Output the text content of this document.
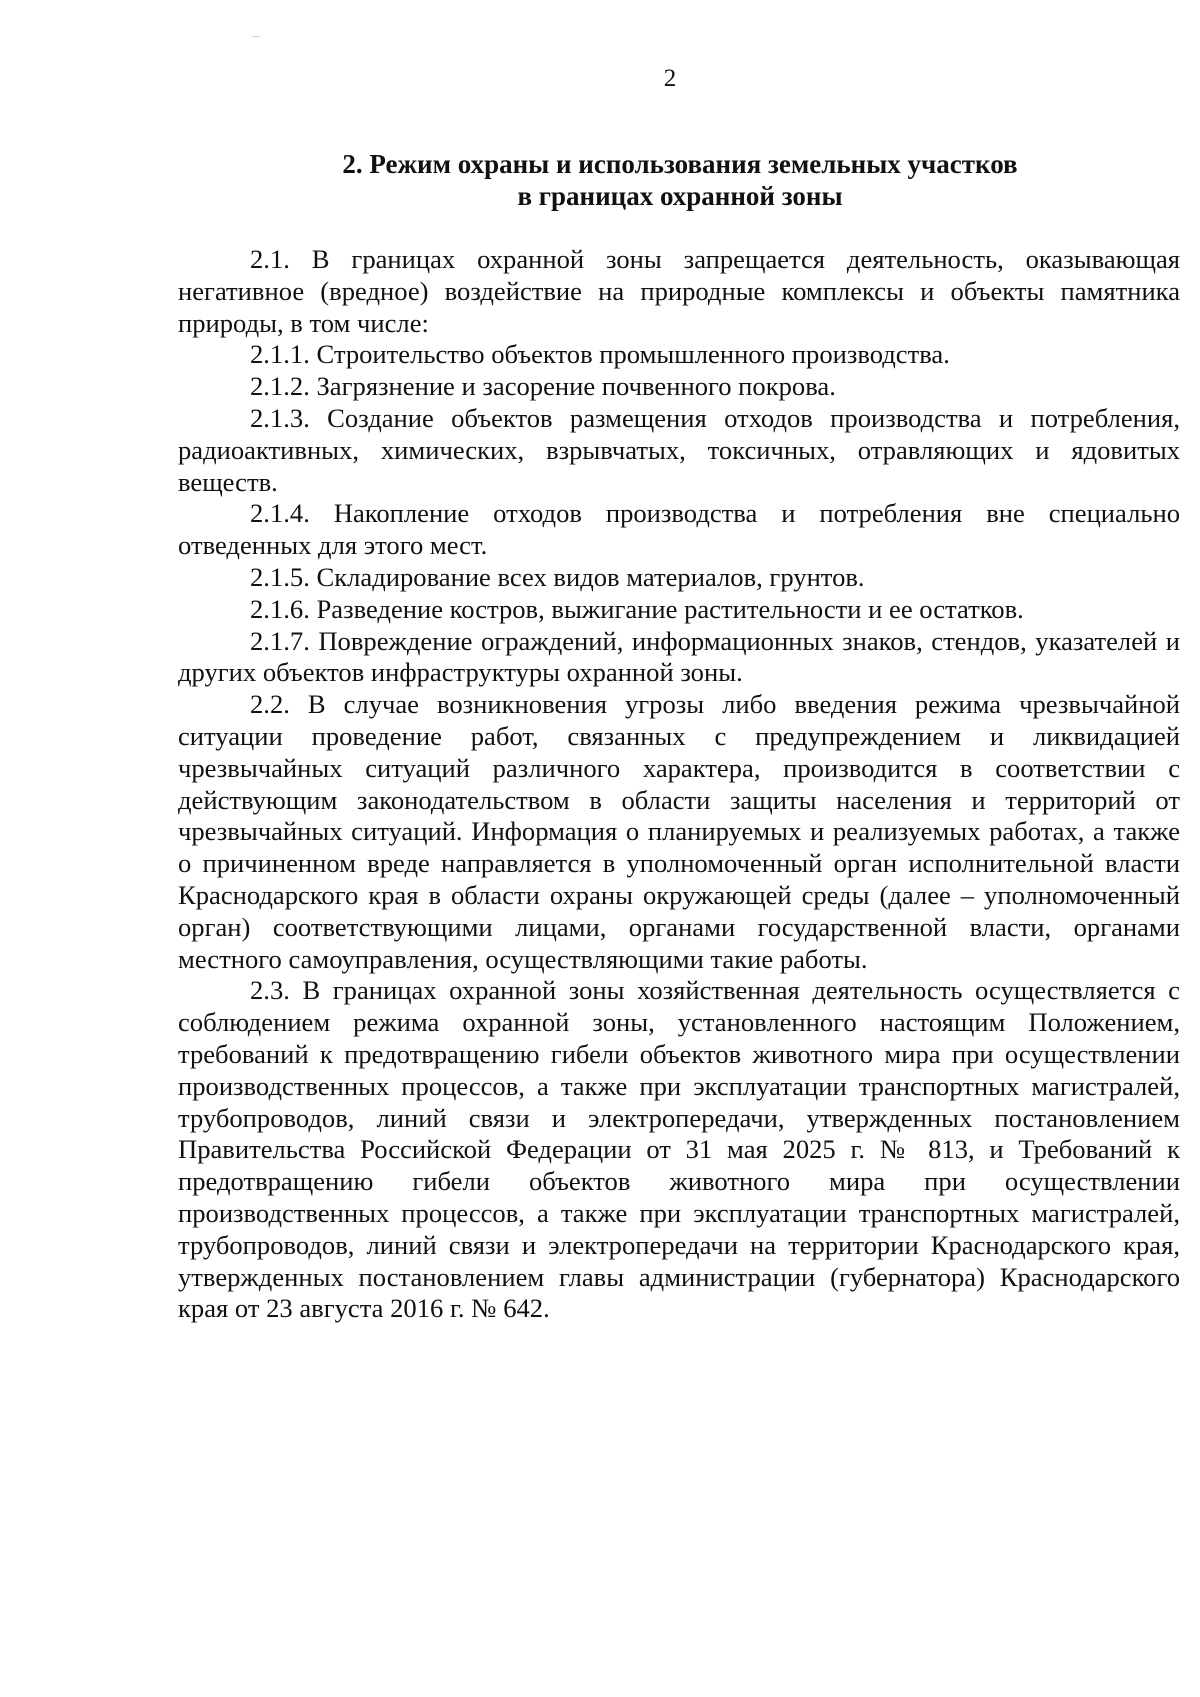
2
2. Режим охраны и использования земельных участков
в границах охранной зоны

2.1. В границах охранной зоны запрещается деятельность, оказывающая негативное (вредное) воздействие на природные комплексы и объекты памятника природы, в том числе:

2.1.1. Строительство объектов промышленного производства.

2.1.2. Загрязнение и засорение почвенного покрова.

2.1.3. Создание объектов размещения отходов производства и потребления, радиоактивных, химических, взрывчатых, токсичных, отравляющих и ядовитых веществ.

2.1.4. Накопление отходов производства и потребления вне специально отведенных для этого мест.

2.1.5. Складирование всех видов материалов, грунтов.

2.1.6. Разведение костров, выжигание растительности и ее остатков.

2.1.7. Повреждение ограждений, информационных знаков, стендов, указателей и других объектов инфраструктуры охранной зоны.

2.2. В случае возникновения угрозы либо введения режима чрезвычайной ситуации проведение работ, связанных с предупреждением и ликвидацией чрезвычайных ситуаций различного характера, производится в соответствии с действующим законодательством в области защиты населения и территорий от чрезвычайных ситуаций. Информация о планируемых и реализуемых работах, а также о причиненном вреде направляется в уполномоченный орган исполнительной власти Краснодарского края в области охраны окружающей среды (далее – уполномоченный орган) соответствующими лицами, органами государственной власти, органами местного самоуправления, осуществляющими такие работы.

2.3. В границах охранной зоны хозяйственная деятельность осуществляется с соблюдением режима охранной зоны, установленного настоящим Положением, требований к предотвращению гибели объектов животного мира при осуществлении производственных процессов, а также при эксплуатации транспортных магистралей, трубопроводов, линий связи и электропередачи, утвержденных постановлением Правительства Российской Федерации от 31 мая 2025 г. № 813, и Требований к предотвращению гибели объектов животного мира при осуществлении производственных процессов, а также при эксплуатации транспортных магистралей, трубопроводов, линий связи и электропередачи на территории Краснодарского края, утвержденных постановлением главы администрации (губернатора) Краснодарского края от 23 августа 2016 г. № 642.
